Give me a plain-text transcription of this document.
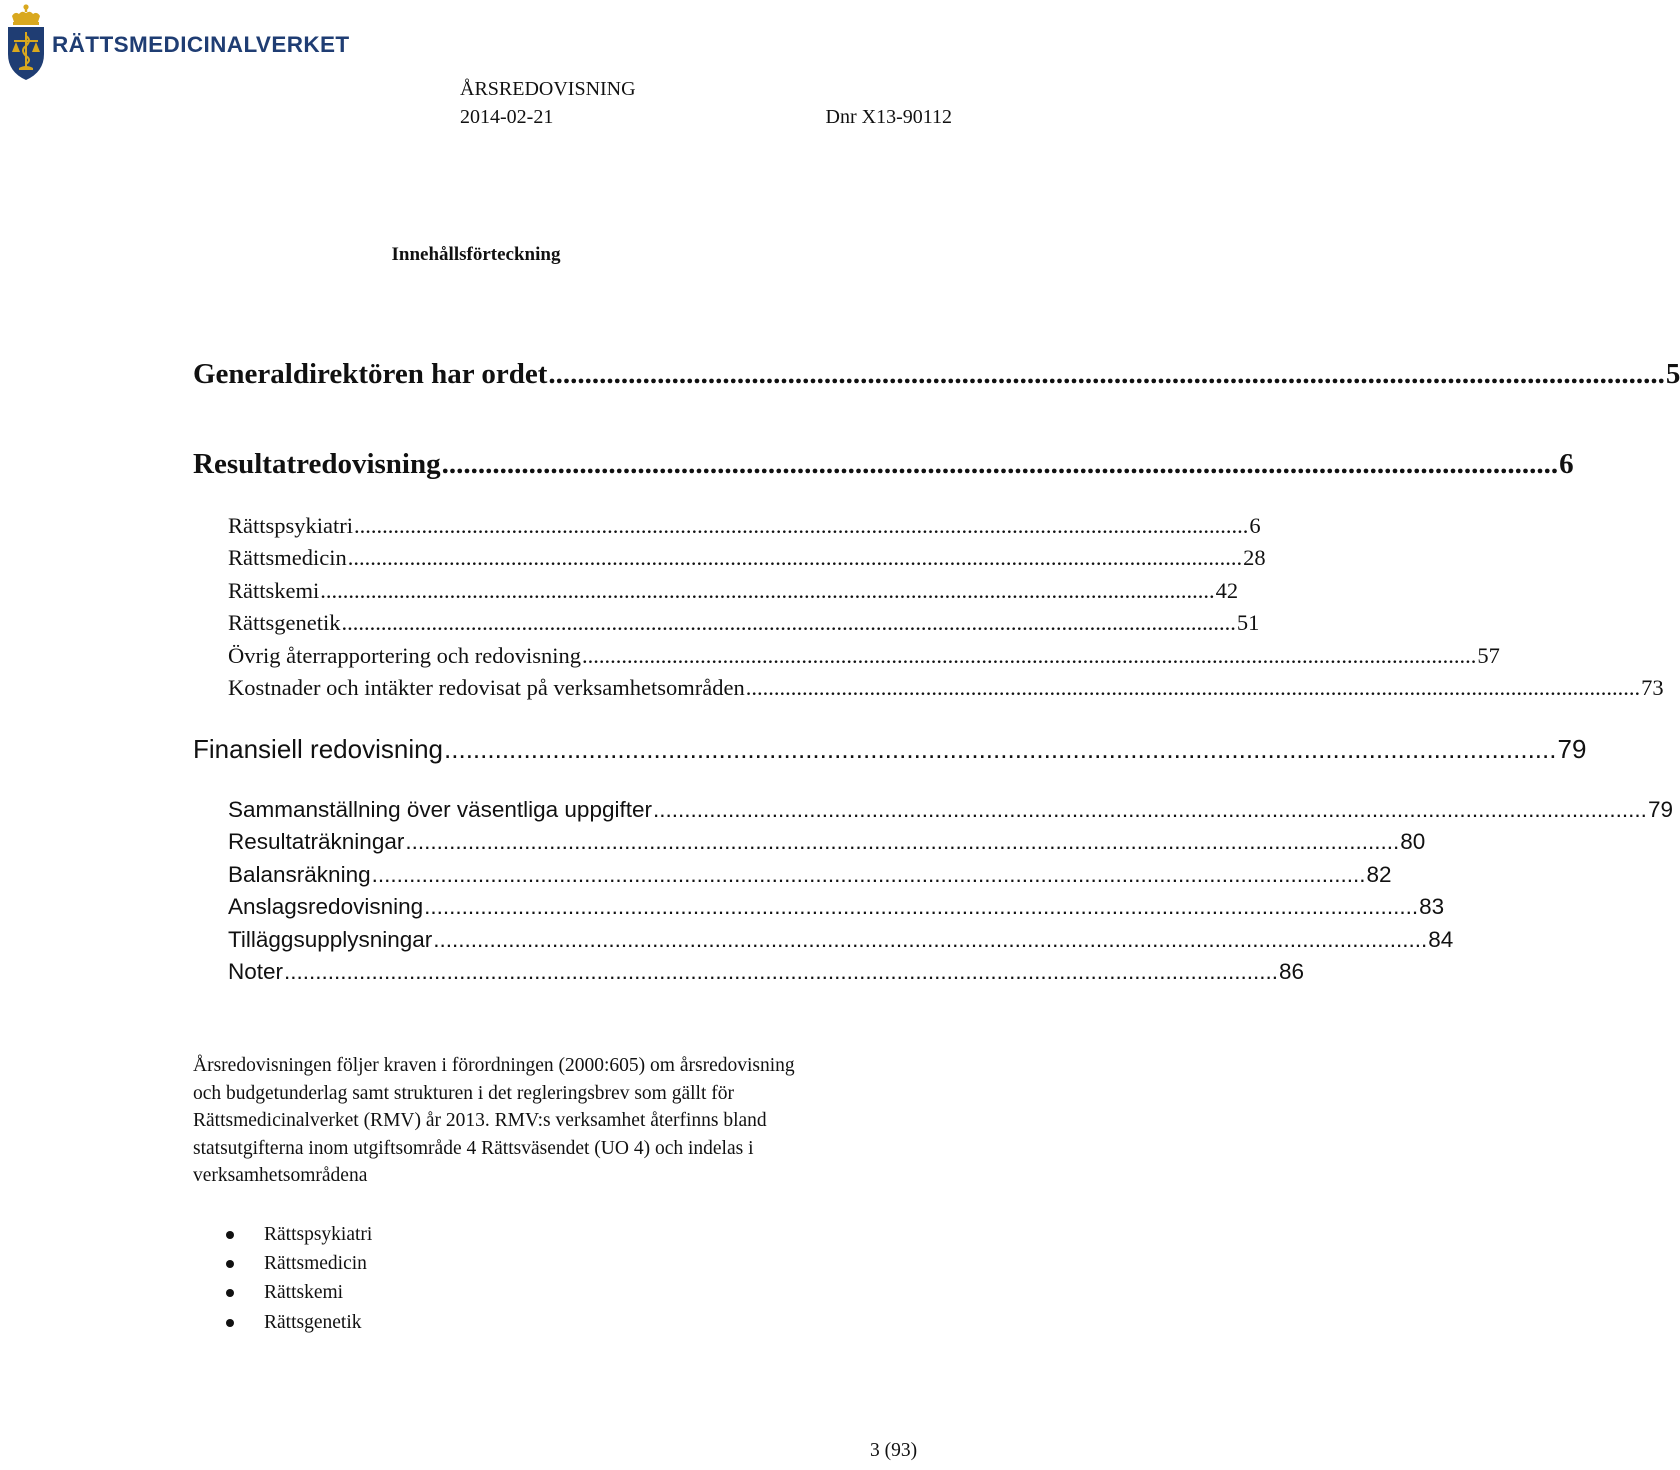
RÄTTSMEDICINALVERKET
ÅRSREDOVISNING
2014-02-21	Dnr X13-90112
Innehållsförteckning
Generaldirektören har ordet .......................................................................................................................................................... 5
Resultatredovisning .......................................................................................................................................................... 6
Rättspsykiatri ............................................................................................................................................................... 6
Rättsmedicin ............................................................................................................................................................... 28
Rättskemi ............................................................................................................................................................... 42
Rättsgenetik ............................................................................................................................................................... 51
Övrig återrapportering och redovisning ............................................................................................................................................................... 57
Kostnader och intäkter redovisat på verksamhetsområden ............................................................................................................................................................... 73
Finansiell redovisning .......................................................................................................................................................... 79
Sammanställning över väsentliga uppgifter ............................................................................................................................................................... 79
Resultaträkningar ............................................................................................................................................................... 80
Balansräkning ............................................................................................................................................................... 82
Anslagsredovisning ............................................................................................................................................................... 83
Tilläggsupplysningar ............................................................................................................................................................... 84
Noter ............................................................................................................................................................... 86
Årsredovisningen följer kraven i förordningen (2000:605) om årsredovisning
och budgetunderlag samt strukturen i det regleringsbrev som gällt för
Rättsmedicinalverket (RMV) år 2013. RMV:s verksamhet återfinns bland
statsutgifterna inom utgiftsområde 4 Rättsväsendet (UO 4) och indelas i
verksamhetsområdena
Rättspsykiatri
Rättsmedicin
Rättskemi
Rättsgenetik
3 (93)
